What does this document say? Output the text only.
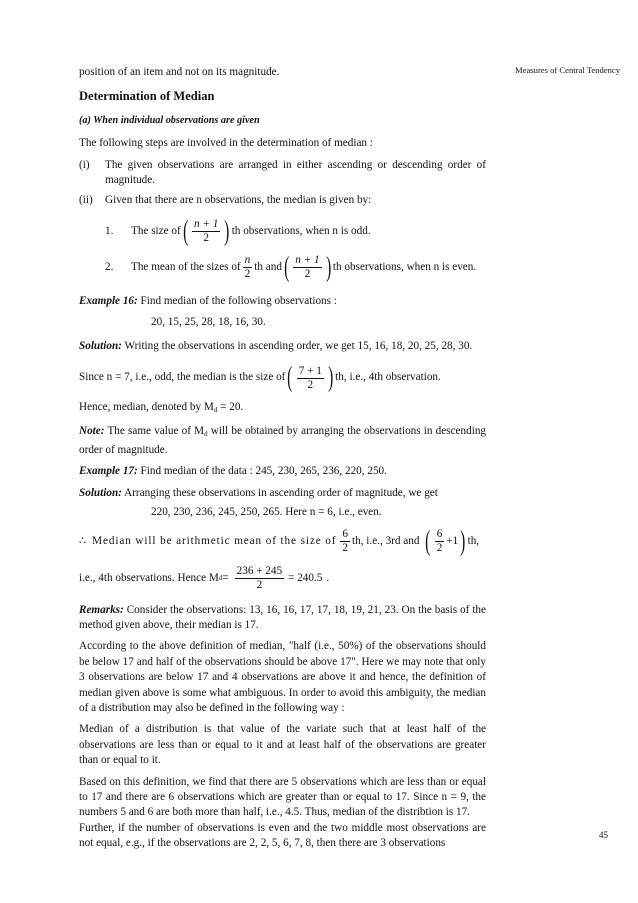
Measures of Central Tendency

position of an item and not on its magnitude.

Determination of Median

(a) When individual observations are given

The following steps are involved in the determination of median :

(i)	The given observations are arranged in either ascending or descending order of magnitude.
(ii)	Given that there are n observations, the median is given by:
1.	The size of ( $\frac{n + 1}{2}$ ) th observations, when n is odd.
2.	The mean of the sizes of $\frac{n}{2}$ th and ( $\frac{n + 1}{2}$ ) th observations, when n is even.

Example 16: Find median of the following observations :

20, 15, 25, 28, 18, 16, 30.

Solution: Writing the observations in ascending order, we get 15, 16, 18, 20, 25, 28, 30.

Since n = 7, i.e., odd, the median is the size of ( $\frac{7 + 1}{2}$ ) th, i.e., 4th observation.

Hence, median, denoted by $M_d = 20$.

Note: The same value of $M_d$ will be obtained by arranging the observations in descending order of magnitude.

Example 17: Find median of the data : 245, 230, 265, 236, 220, 250.

Solution: Arranging these observations in ascending order of magnitude, we get

220, 230, 236, 245, 250, 265. Here n = 6, i.e., even.

∴ Median will be arithmetic mean of the size of $\frac{6}{2}$ th, i.e., 3rd and ( $\frac{6}{2} +1$ ) th,
i.e., 4th observations. Hence M $d = \frac{236 + 245}{2} = 240.5$ .

Remarks: Consider the observations: 13, 16, 16, 17, 17, 18, 19, 21, 23. On the basis of the method given above, their median is 17.

According to the above definition of median, "half (i.e., 50%) of the observations should be below 17 and half of the observations should be above 17". Here we may note that only 3 observations are below 17 and 4 observations are above it and hence, the definition of median given above is some what ambiguous. In order to avoid this ambiguity, the median of a distribution may also be defined in the following way :

Median of a distribution is that value of the variate such that at least half of the observations are less than or equal to it and at least half of the observations are greater than or equal to it.

Based on this definition, we find that there are 5 observations which are less than or equal to 17 and there are 6 observations which are greater than or equal to 17. Since n = 9, the numbers 5 and 6 are both more than half, i.e., 4.5. Thus, median of the distribtion is 17.

Further, if the number of observations is even and the two middle most observations are not equal, e.g., if the observations are 2, 2, 5, 6, 7, 8, then there are 3 observations

45
